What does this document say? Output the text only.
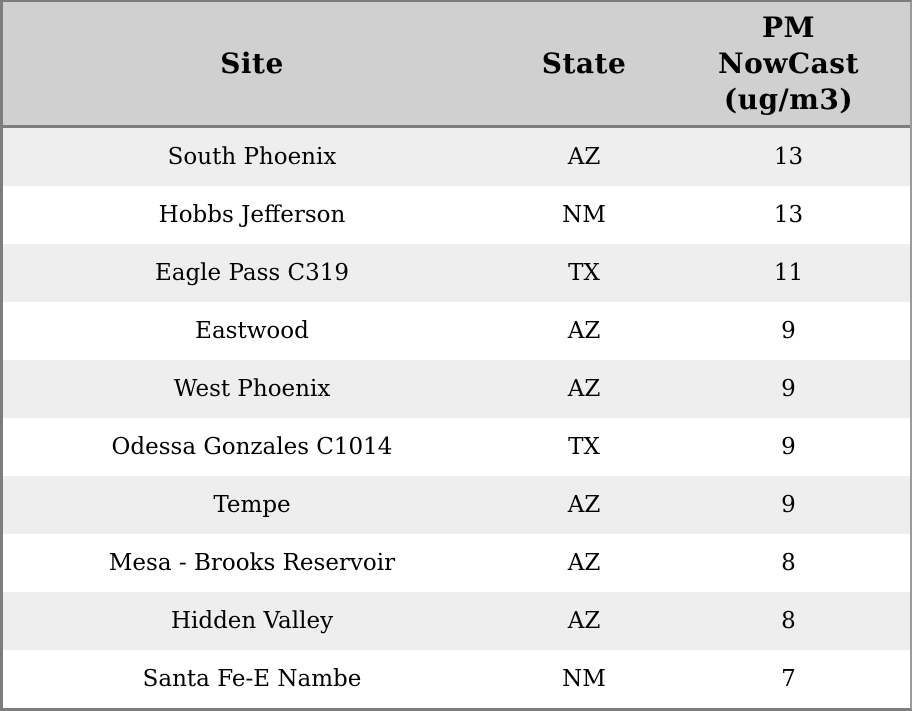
Site	State	PM NowCast (ug/m3)
South Phoenix	AZ	13
Hobbs Jefferson	NM	13
Eagle Pass C319	TX	11
Eastwood	AZ	9
West Phoenix	AZ	9
Odessa Gonzales C1014	TX	9
Tempe	AZ	9
Mesa - Brooks Reservoir	AZ	8
Hidden Valley	AZ	8
Santa Fe-E Nambe	NM	7
